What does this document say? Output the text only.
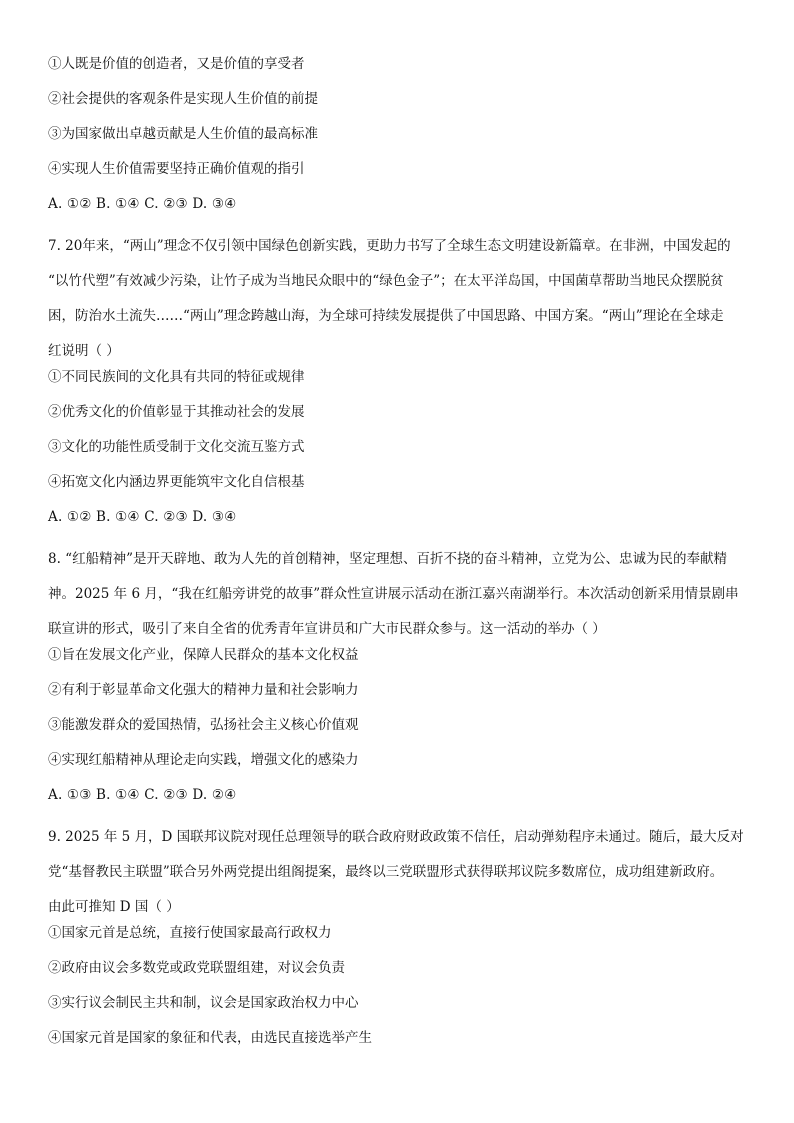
①人既是价值的创造者，又是价值的享受者
②社会提供的客观条件是实现人生价值的前提
③为国家做出卓越贡献是人生价值的最高标准
④实现人生价值需要坚持正确价值观的指引
A. ①② B. ①④ C. ②③ D. ③④
7. 20年来，“两山”理念不仅引领中国绿色创新实践，更助力书写了全球生态文明建设新篇章。在非洲，中国发起的
“以竹代塑”有效减少污染，让竹子成为当地民众眼中的“绿色金子”；在太平洋岛国，中国菌草帮助当地民众摆脱贫
困，防治水土流失……“两山”理念跨越山海，为全球可持续发展提供了中国思路、中国方案。“两山”理论在全球走
红说明（ ）
①不同民族间的文化具有共同的特征或规律
②优秀文化的价值彰显于其推动社会的发展
③文化的功能性质受制于文化交流互鉴方式
④拓宽文化内涵边界更能筑牢文化自信根基
A. ①② B. ①④ C. ②③ D. ③④
8. “红船精神”是开天辟地、敢为人先的首创精神，坚定理想、百折不挠的奋斗精神，立党为公、忠诚为民的奉献精
神。2025 年 6 月，“我在红船旁讲党的故事”群众性宣讲展示活动在浙江嘉兴南湖举行。本次活动创新采用情景剧串
联宣讲的形式，吸引了来自全省的优秀青年宣讲员和广大市民群众参与。这一活动的举办（ ）
①旨在发展文化产业，保障人民群众的基本文化权益
②有利于彰显革命文化强大的精神力量和社会影响力
③能激发群众的爱国热情，弘扬社会主义核心价值观
④实现红船精神从理论走向实践，增强文化的感染力
A. ①③ B. ①④ C. ②③ D. ②④
9. 2025 年 5 月，D 国联邦议院对现任总理领导的联合政府财政政策不信任，启动弹劾程序未通过。随后，最大反对
党“基督教民主联盟”联合另外两党提出组阁提案，最终以三党联盟形式获得联邦议院多数席位，成功组建新政府。
由此可推知 D 国（ ）
①国家元首是总统，直接行使国家最高行政权力
②政府由议会多数党或政党联盟组建，对议会负责
③实行议会制民主共和制，议会是国家政治权力中心
④国家元首是国家的象征和代表，由选民直接选举产生
